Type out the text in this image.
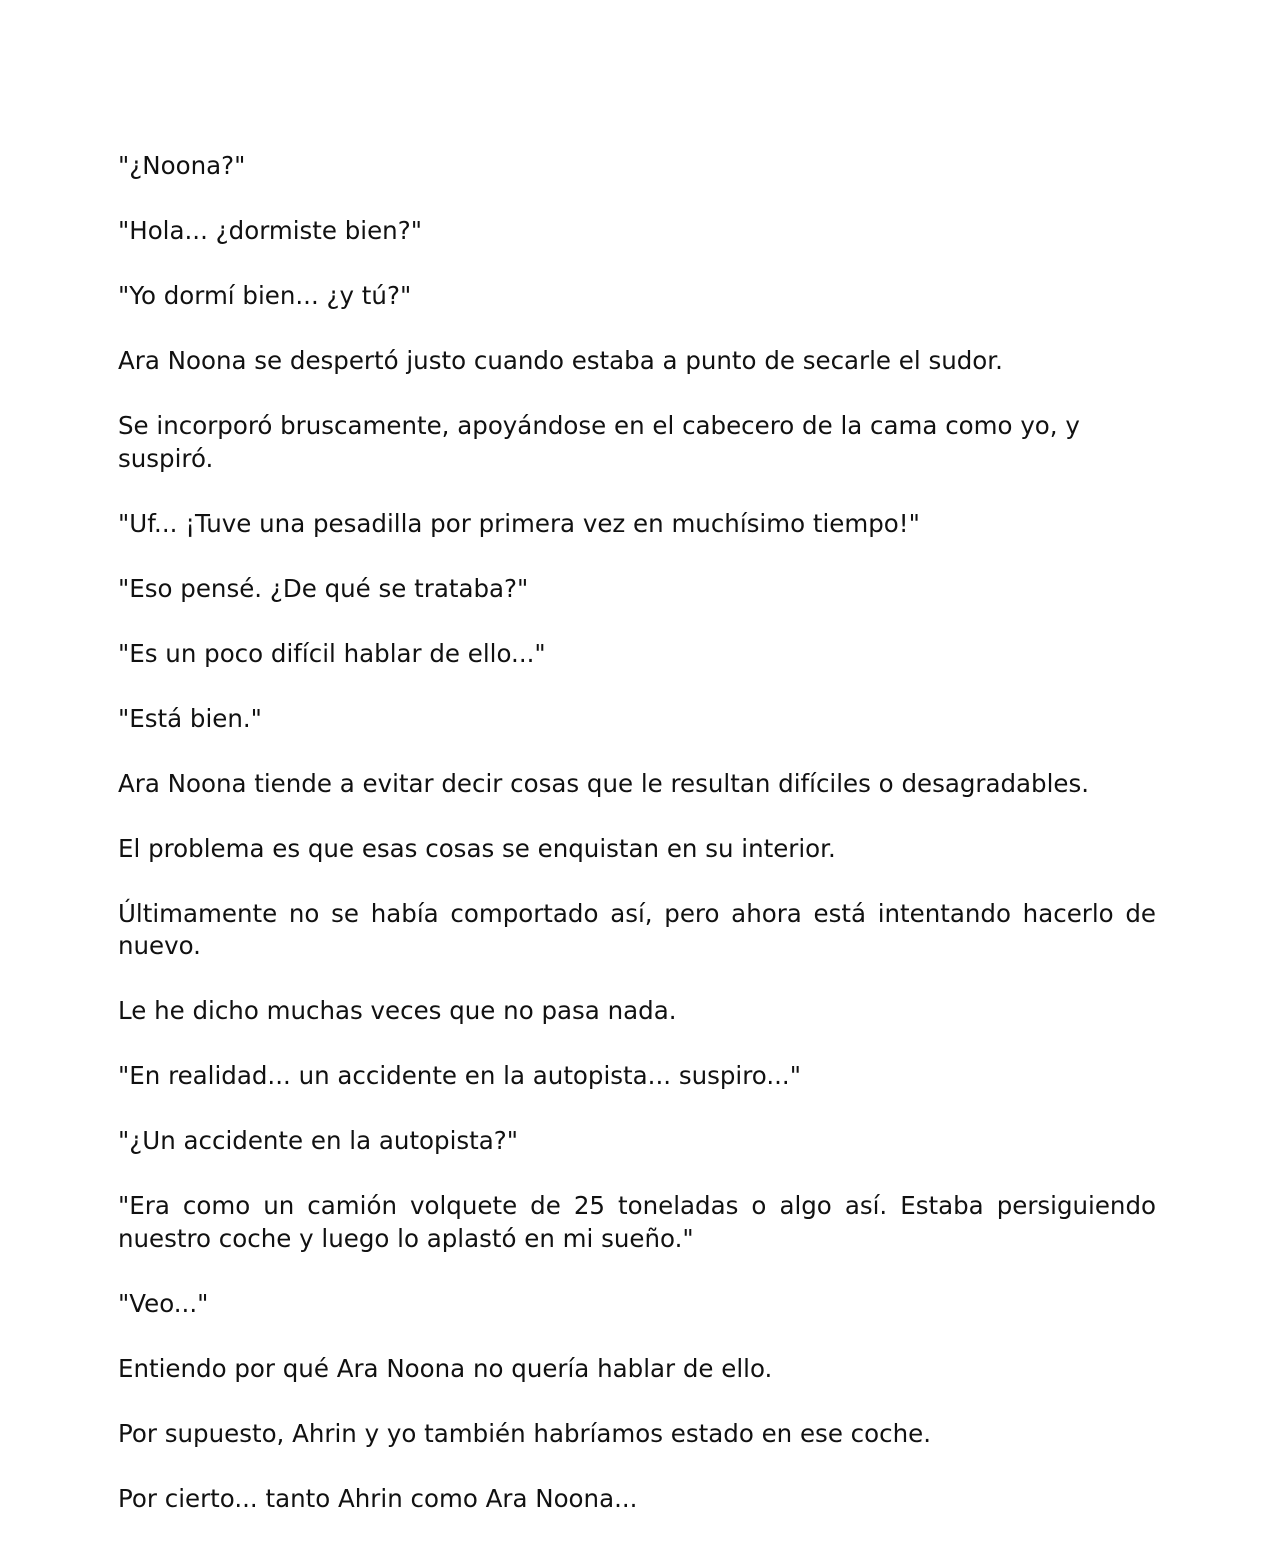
"¿Noona?"

"Hola... ¿dormiste bien?"

"Yo dormí bien... ¿y tú?"

Ara Noona se despertó justo cuando estaba a punto de secarle el sudor.

Se incorporó bruscamente, apoyándose en el cabecero de la cama como yo, y suspiró.

"Uf... ¡Tuve una pesadilla por primera vez en muchísimo tiempo!"

"Eso pensé. ¿De qué se trataba?"

"Es un poco difícil hablar de ello..."

"Está bien."

Ara Noona tiende a evitar decir cosas que le resultan difíciles o desagradables.

El problema es que esas cosas se enquistan en su interior.

Últimamente no se había comportado así, pero ahora está intentando hacerlo de nuevo.

Le he dicho muchas veces que no pasa nada.

"En realidad... un accidente en la autopista... suspiro..."

"¿Un accidente en la autopista?"

"Era como un camión volquete de 25 toneladas o algo así. Estaba persiguiendo nuestro coche y luego lo aplastó en mi sueño."

"Veo..."

Entiendo por qué Ara Noona no quería hablar de ello.

Por supuesto, Ahrin y yo también habríamos estado en ese coche.

Por cierto... tanto Ahrin como Ara Noona...
